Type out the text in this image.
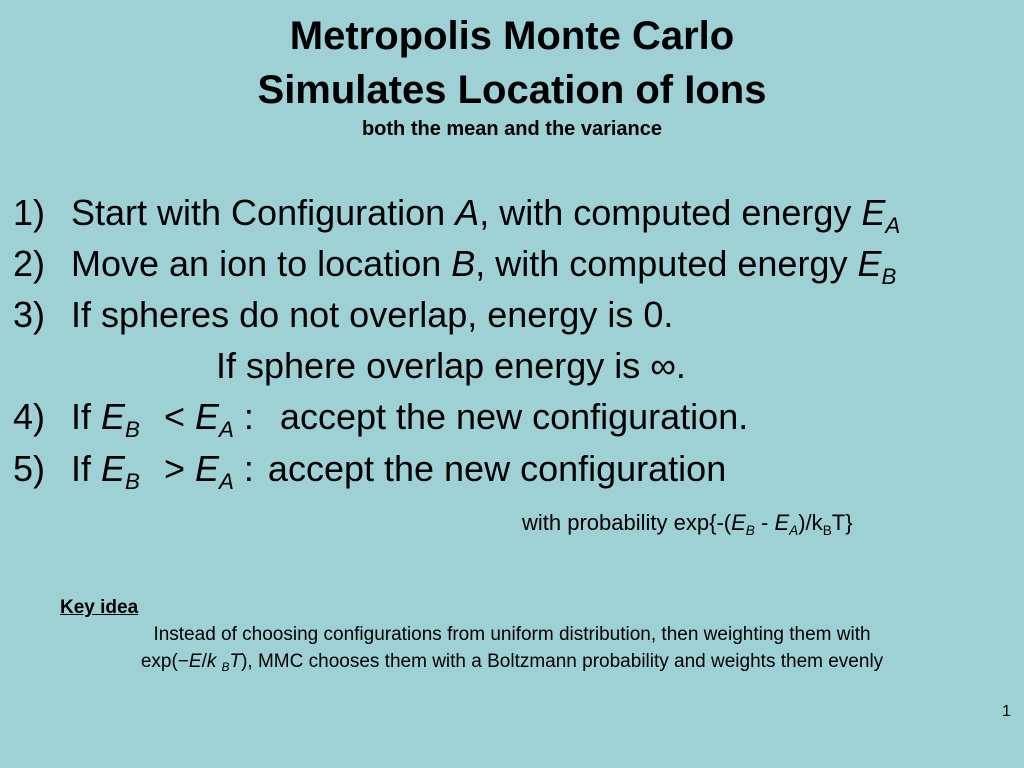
Metropolis Monte Carlo
Simulates Location of Ions
both the mean and the variance
1) Start with Configuration A, with computed energy $E_A$
2) Move an ion to location B, with computed energy $E_B$
3) If spheres do not overlap, energy is 0.
If sphere overlap energy is ∞.
4) If $E_B < E_A$ : accept the new configuration.
5) If $E_B > E_A$ : accept the new configuration
with probability $\exp\{-(E_B - E_A)/k_BT\}$
Key idea
Instead of choosing configurations from uniform distribution, then weighting them with
exp(−E/k $_B$T), MMC chooses them with a Boltzmann probability and weights them evenly
1
